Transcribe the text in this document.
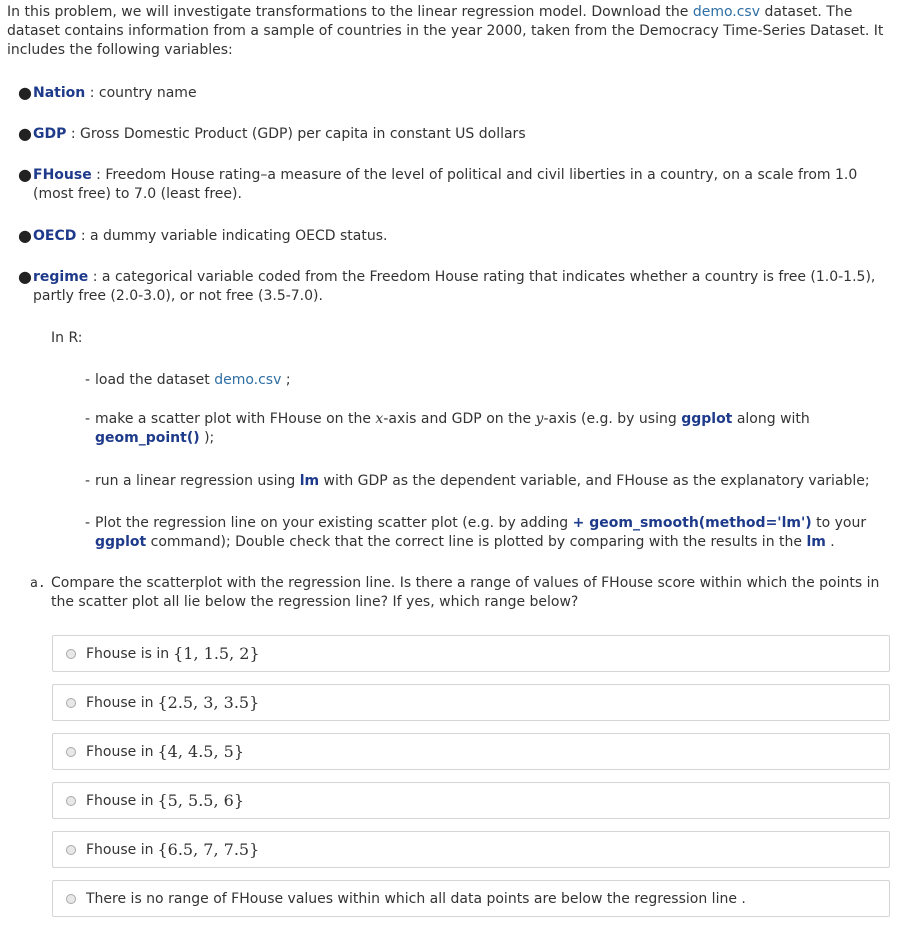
In this problem, we will investigate transformations to the linear regression model. Download the demo.csv dataset. The dataset contains information from a sample of countries in the year 2000, taken from the Democracy Time-Series Dataset. It includes the following variables:

● Nation : country name
● GDP : Gross Domestic Product (GDP) per capita in constant US dollars
● FHouse : Freedom House rating–a measure of the level of political and civil liberties in a country, on a scale from 1.0 (most free) to 7.0 (least free).
● OECD : a dummy variable indicating OECD status.
● regime : a categorical variable coded from the Freedom House rating that indicates whether a country is free (1.0-1.5), partly free (2.0-3.0), or not free (3.5-7.0).
In R:
- load the dataset demo.csv ;
- make a scatter plot with FHouse on the x-axis and GDP on the y-axis (e.g. by using ggplot along with geom_point() );
- run a linear regression using lm with GDP as the dependent variable, and FHouse as the explanatory variable;
- Plot the regression line on your existing scatter plot (e.g. by adding + geom_smooth(method='lm') to your ggplot command); Double check that the correct line is plotted by comparing with the results in the lm .
a. Compare the scatterplot with the regression line. Is there a range of values of FHouse score within which the points in the scatter plot all lie below the regression line? If yes, which range below?
Fhouse is in {1, 1.5, 2}
Fhouse in {2.5, 3, 3.5}
Fhouse in {4, 4.5, 5}
Fhouse in {5, 5.5, 6}
Fhouse in {6.5, 7, 7.5}
There is no range of FHouse values within which all data points are below the regression line .
